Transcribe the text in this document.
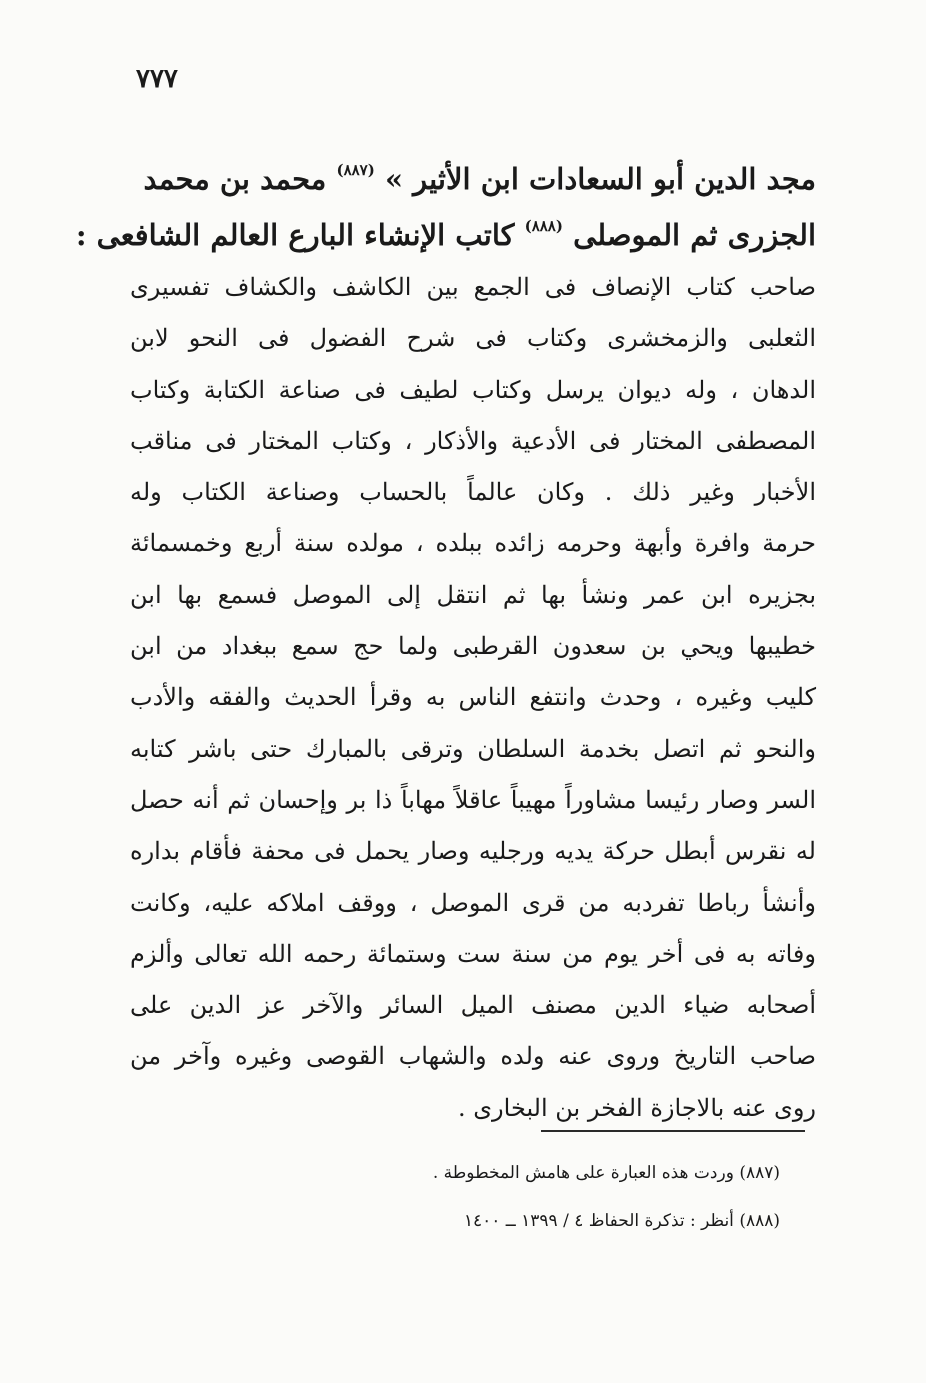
٧٧٧
مجد الدين أبو السعادات ابن الأثير » $^{(٨٨٧)}$ محمد بن محمد
الجزرى ثم الموصلى $^{(٨٨٨)}$ كاتب الإنشاء البارع العالم الشافعى :
صاحب كتاب الإنصاف فى الجمع بين الكاشف والكشاف تفسيرى
الثعلبى والزمخشرى وكتاب فى شرح الفضول فى النحو لابن
الدهان ، وله ديوان يرسل وكتاب لطيف فى صناعة الكتابة وكتاب
المصطفى المختار فى الأدعية والأذكار ، وكتاب المختار فى مناقب
الأخبار وغير ذلك . وكان عالماً بالحساب وصناعة الكتاب وله
حرمة وافرة وأبهة وحرمه زائده ببلده ، مولده سنة أربع وخمسمائة
بجزيره ابن عمر ونشأ بها ثم انتقل إلى الموصل فسمع بها ابن
خطيبها ويحي بن سعدون القرطبى ولما حج سمع ببغداد من ابن
كليب وغيره ، وحدث وانتفع الناس به وقرأ الحديث والفقه والأدب
والنحو ثم اتصل بخدمة السلطان وترقى بالمبارك حتى باشر كتابه
السر وصار رئيسا مشاوراً مهيباً عاقلاً مهاباً ذا بر وإحسان ثم أنه حصل
له نقرس أبطل حركة يديه ورجليه وصار يحمل فى محفة فأقام بداره
وأنشأ رباطا تفردبه من قرى الموصل ، ووقف املاكه عليه، وكانت
وفاته به فى أخر يوم من سنة ست وستمائة رحمه الله تعالى وألزم
أصحابه ضياء الدين مصنف الميل السائر والآخر عز الدين على
صاحب التاريخ وروى عنه ولده والشهاب القوصى وغيره وآخر من
روى عنه بالاجازة الفخر بن البخارى .
(٨٨٧) وردت هذه العبارة على هامش المخطوطة .
(٨٨٨) أنظر : تذكرة الحفاظ ٤ / ١٣٩٩ ــ ١٤٠٠
